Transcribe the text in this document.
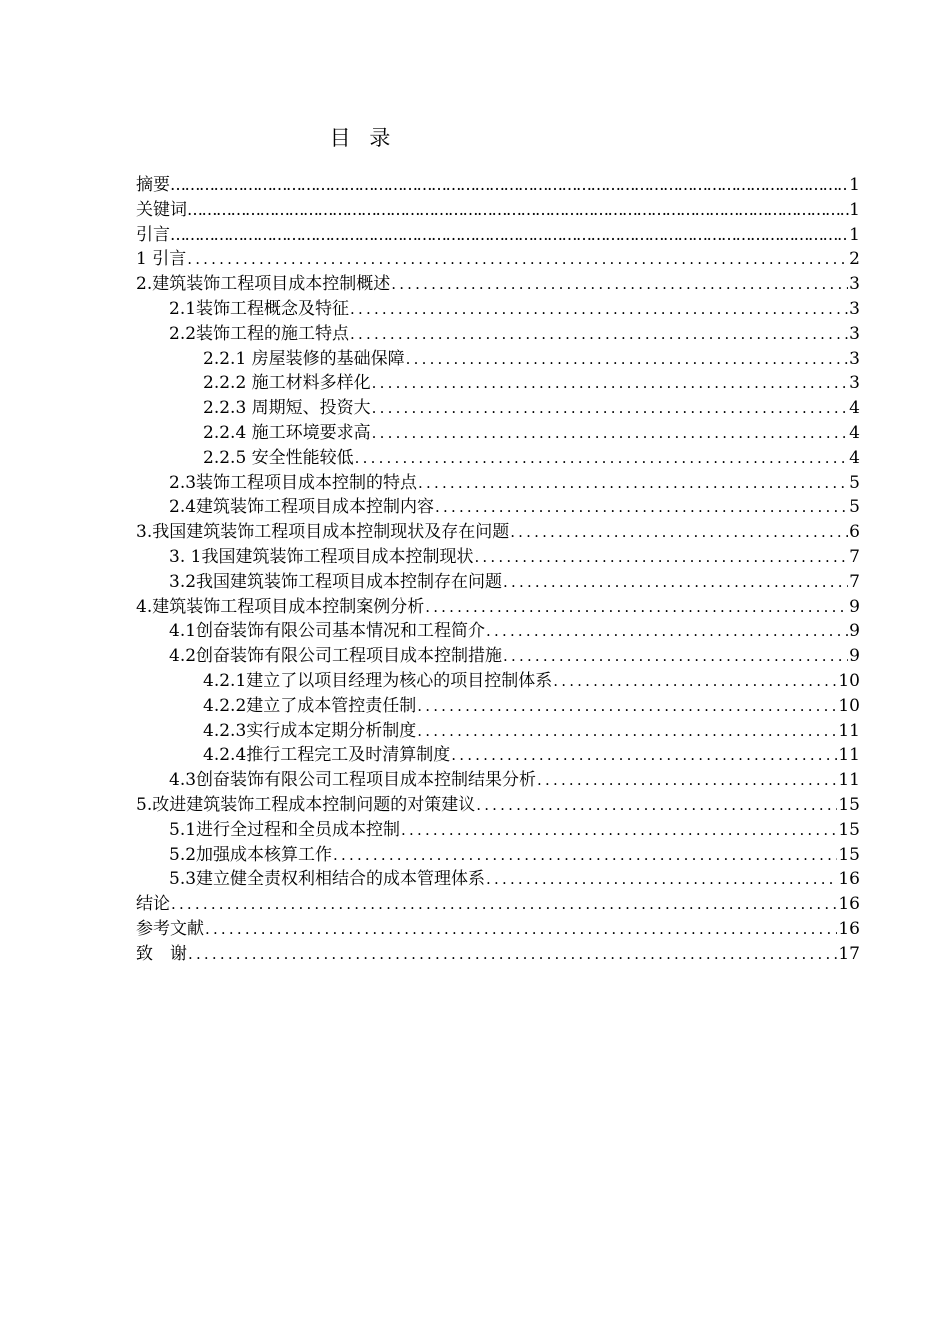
目 录
摘要 …………………………………………………………………………………………………………………………………………………………………………………………………………………………	1
关键词 …………………………………………………………………………………………………………………………………………………………………………………………………………………………	1
引言 …………………………………………………………………………………………………………………………………………………………………………………………………………………………	1
1 引言 .....	2
2.建筑装饰工程项目成本控制概述 .....	3
2.1装饰工程概念及特征 .....	3
2.2装饰工程的施工特点 .....	3
2.2.1 房屋装修的基础保障 .....	3
2.2.2 施工材料多样化 .....	3
2.2.3 周期短、投资大 .....	4
2.2.4 施工环境要求高 .....	4
2.2.5 安全性能较低 .....	4
2.3装饰工程项目成本控制的特点 .....	5
2.4建筑装饰工程项目成本控制内容 .....	5
3.我国建筑装饰工程项目成本控制现状及存在问题 .....	6
3. 1我国建筑装饰工程项目成本控制现状 .....	7
3.2我国建筑装饰工程项目成本控制存在问题 .....	7
4.建筑装饰工程项目成本控制案例分析 .....	9
4.1创奋装饰有限公司基本情况和工程简介 .....	9
4.2创奋装饰有限公司工程项目成本控制措施 .....	9
4.2.1建立了以项目经理为核心的项目控制体系 .....	10
4.2.2建立了成本管控责任制 .....	10
4.2.3实行成本定期分析制度 .....	11
4.2.4推行工程完工及时清算制度 .....	11
4.3创奋装饰有限公司工程项目成本控制结果分析 .....	11
5.改进建筑装饰工程成本控制问题的对策建议 .....	15
5.1进行全过程和全员成本控制 .....	15
5.2加强成本核算工作 .....	15
5.3建立健全责权利相结合的成本管理体系 .....	16
结论 .....	16
参考文献 .....	16
致　谢 .....	17
